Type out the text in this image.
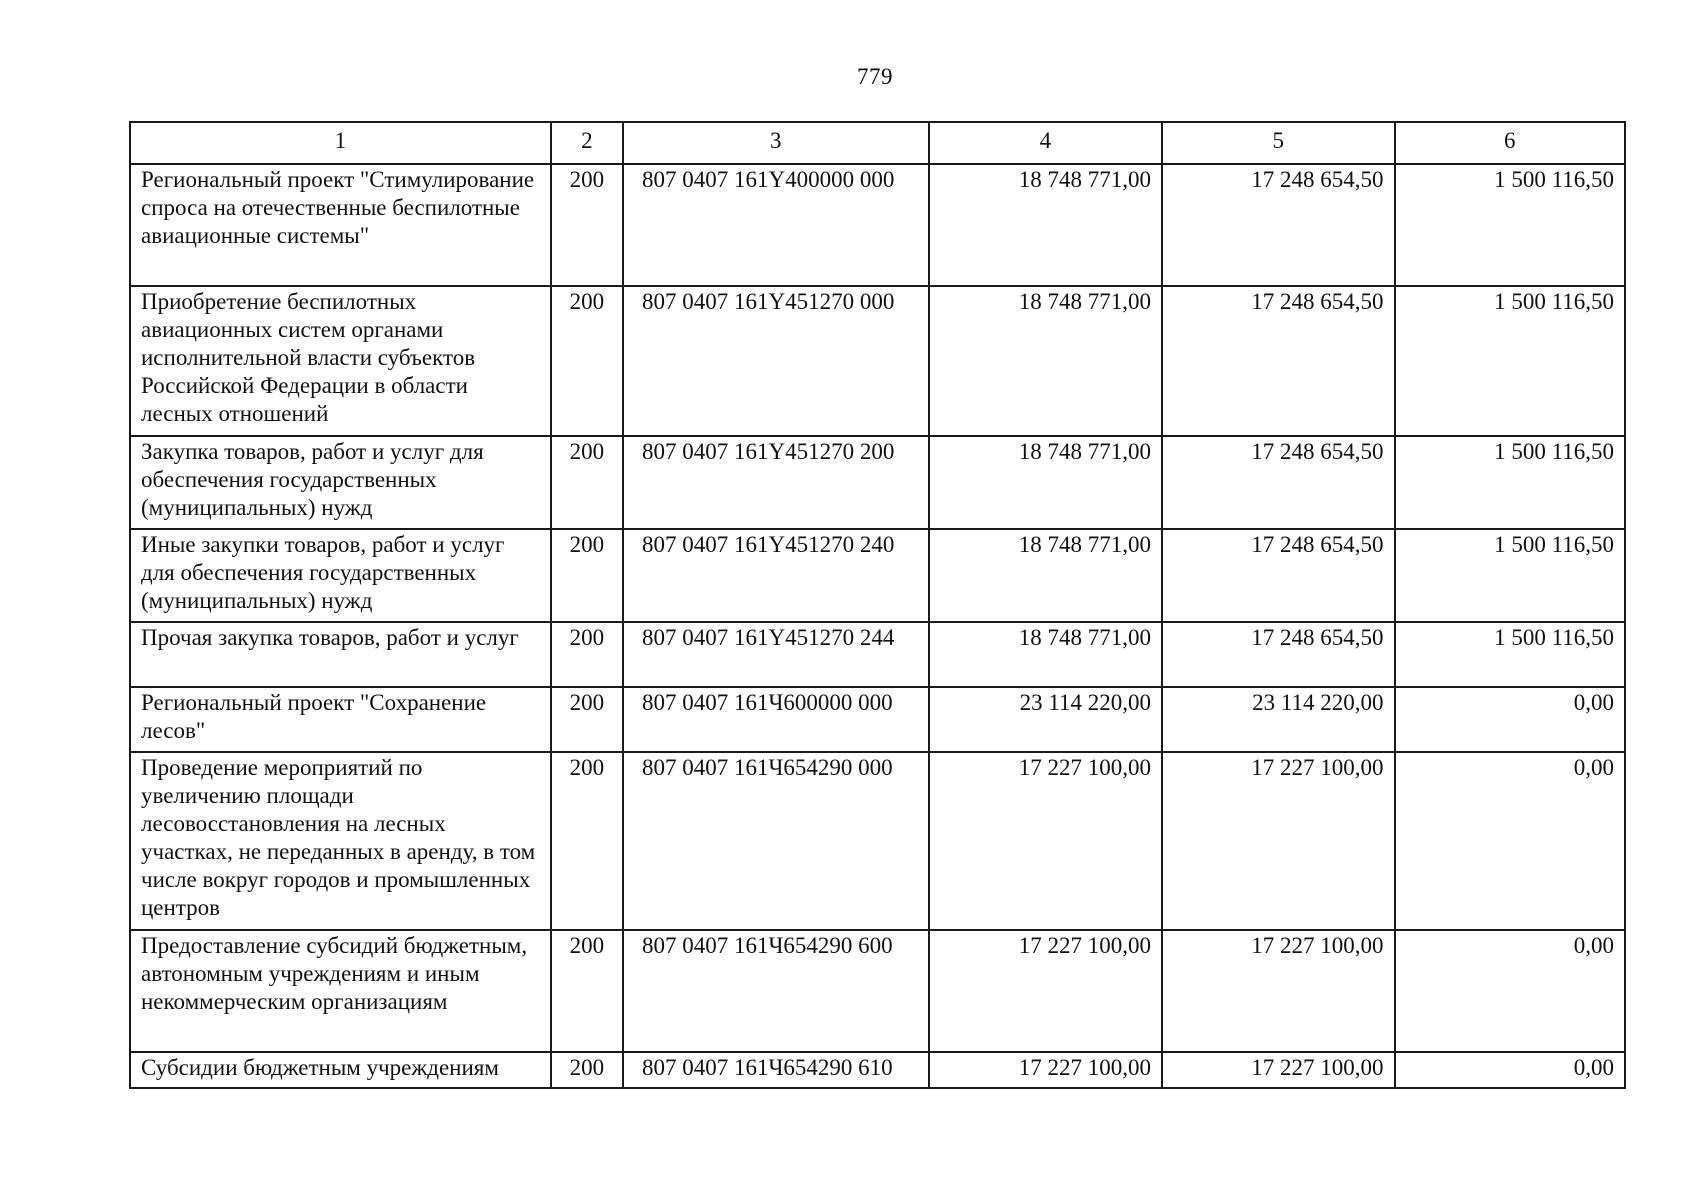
779
1	2	3	4	5	6
Региональный проект "Стимулирование спроса на отечественные беспилотные авиационные системы"	200	807 0407 161Y400000 000	18 748 771,00	17 248 654,50	1 500 116,50
Приобретение беспилотных авиационных систем органами исполнительной власти субъектов Российской Федерации в области лесных отношений	200	807 0407 161Y451270 000	18 748 771,00	17 248 654,50	1 500 116,50
Закупка товаров, работ и услуг для обеспечения государственных (муниципальных) нужд	200	807 0407 161Y451270 200	18 748 771,00	17 248 654,50	1 500 116,50
Иные закупки товаров, работ и услуг для обеспечения государственных (муниципальных) нужд	200	807 0407 161Y451270 240	18 748 771,00	17 248 654,50	1 500 116,50
Прочая закупка товаров, работ и услуг	200	807 0407 161Y451270 244	18 748 771,00	17 248 654,50	1 500 116,50
Региональный проект "Сохранение лесов"	200	807 0407 161Ч600000 000	23 114 220,00	23 114 220,00	0,00
Проведение мероприятий по увеличению площади лесовосстановления на лесных участках, не переданных в аренду, в том числе вокруг городов и промышленных центров	200	807 0407 161Ч654290 000	17 227 100,00	17 227 100,00	0,00
Предоставление субсидий бюджетным, автономным учреждениям и иным некоммерческим организациям	200	807 0407 161Ч654290 600	17 227 100,00	17 227 100,00	0,00
Субсидии бюджетным учреждениям	200	807 0407 161Ч654290 610	17 227 100,00	17 227 100,00	0,00
